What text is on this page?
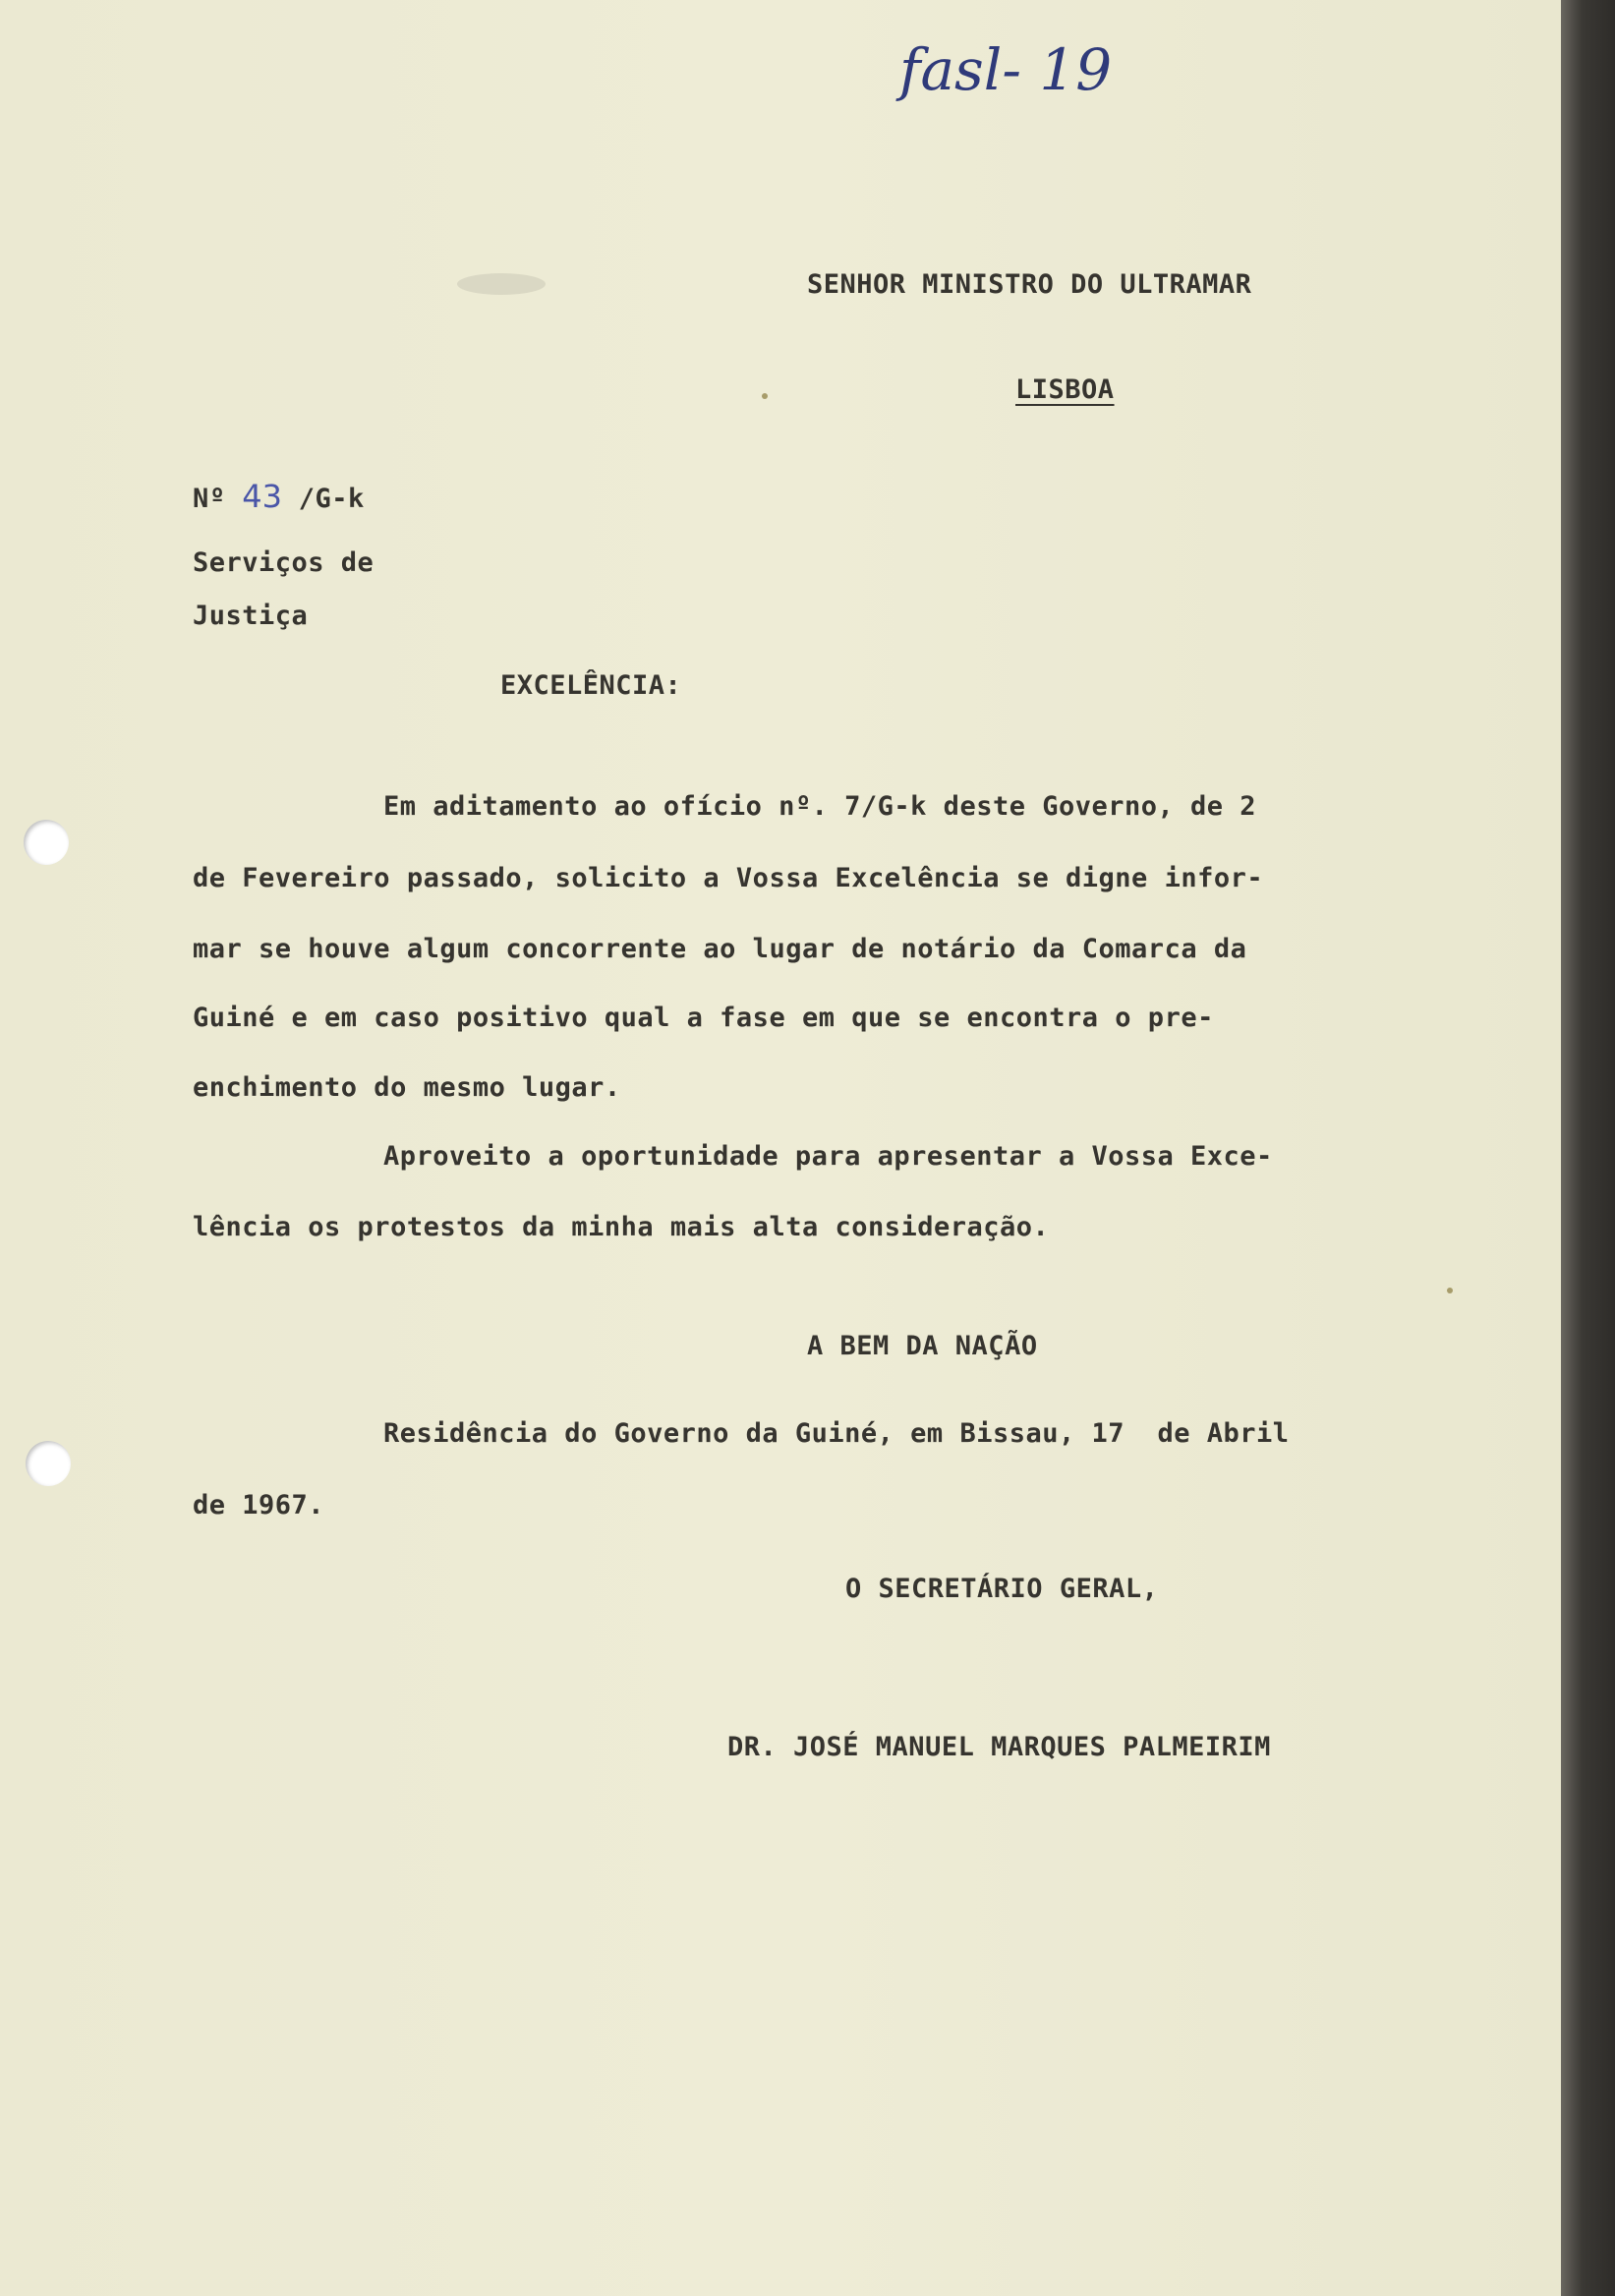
fasl- 19
SENHOR MINISTRO DO ULTRAMAR
LISBOA
Nº 43 /G-k
Serviços de
Justiça
EXCELÊNCIA:
Em aditamento ao ofício nº. 7/G-k deste Governo, de 2
de Fevereiro passado, solicito a Vossa Excelência se digne infor-
mar se houve algum concorrente ao lugar de notário da Comarca da
Guiné e em caso positivo qual a fase em que se encontra o pre-
enchimento do mesmo lugar.
Aproveito a oportunidade para apresentar a Vossa Exce-
lência os protestos da minha mais alta consideração.
A BEM DA NAÇÃO
Residência do Governo da Guiné, em Bissau, 17  de Abril
de 1967.
O SECRETÁRIO GERAL,
DR. JOSÉ MANUEL MARQUES PALMEIRIM
